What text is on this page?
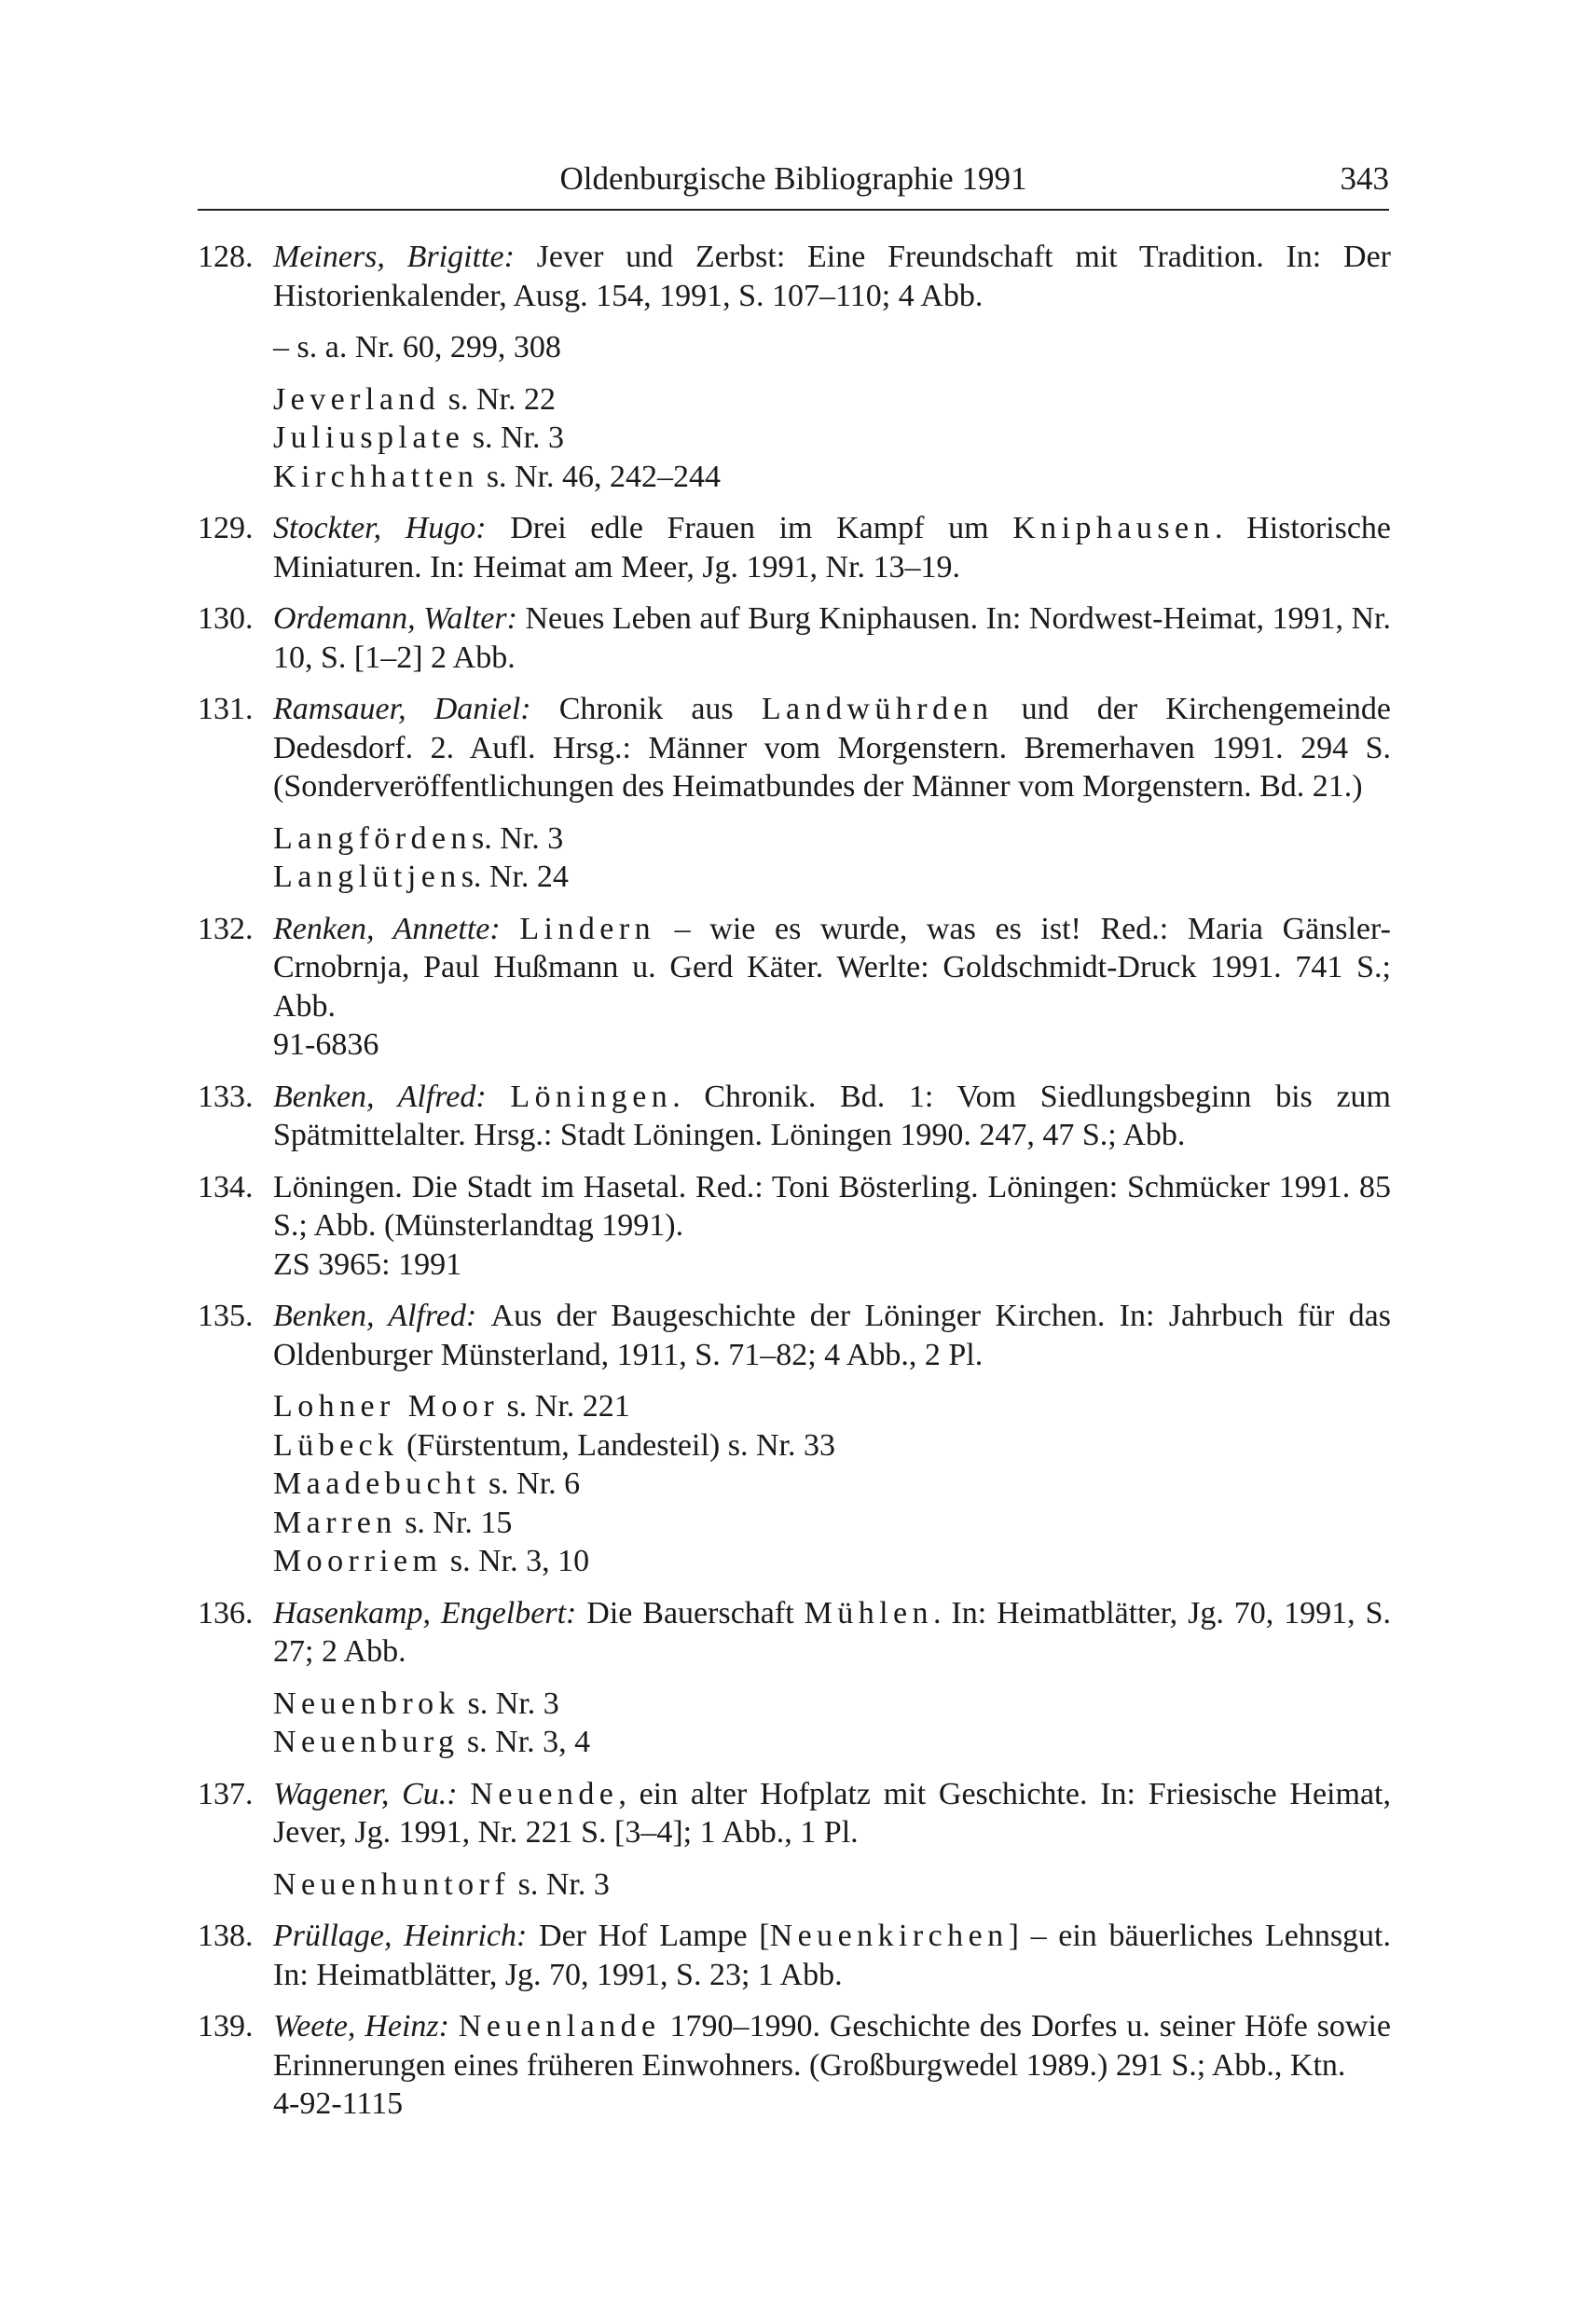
Oldenburgische Bibliographie 1991	343
128. Meiners, Brigitte: Jever und Zerbst: Eine Freundschaft mit Tradition. In: Der Historienkalender, Ausg. 154, 1991, S. 107–110; 4 Abb.
– s. a. Nr. 60, 299, 308
Jeverland s. Nr. 22
Juliusplate s. Nr. 3
Kirchhatten s. Nr. 46, 242–244
129. Stockter, Hugo: Drei edle Frauen im Kampf um Kniphausen. Historische Miniaturen. In: Heimat am Meer, Jg. 1991, Nr. 13–19.
130. Ordemann, Walter: Neues Leben auf Burg Kniphausen. In: Nordwest-Heimat, 1991, Nr. 10, S. [1–2] 2 Abb.
131. Ramsauer, Daniel: Chronik aus Landwührden und der Kirchengemeinde Dedesdorf. 2. Aufl. Hrsg.: Männer vom Morgenstern. Bremerhaven 1991. 294 S. (Sonderveröffentlichungen des Heimatbundes der Männer vom Morgenstern. Bd. 21.)
Langfördens. Nr. 3
Langlütjens. Nr. 24
132. Renken, Annette: Lindern – wie es wurde, was es ist! Red.: Maria Gänsler-Crnobrnja, Paul Hußmann u. Gerd Käter. Werlte: Goldschmidt-Druck 1991. 741 S.; Abb.
91-6836
133. Benken, Alfred: Löningen. Chronik. Bd. 1: Vom Siedlungsbeginn bis zum Spätmittelalter. Hrsg.: Stadt Löningen. Löningen 1990. 247, 47 S.; Abb.
134. Löningen. Die Stadt im Hasetal. Red.: Toni Bösterling. Löningen: Schmücker 1991. 85 S.; Abb. (Münsterlandtag 1991).
ZS 3965: 1991
135. Benken, Alfred: Aus der Baugeschichte der Löninger Kirchen. In: Jahrbuch für das Oldenburger Münsterland, 1911, S. 71–82; 4 Abb., 2 Pl.
Lohner Moor s. Nr. 221
Lübeck (Fürstentum, Landesteil) s. Nr. 33
Maadebucht s. Nr. 6
Marren s. Nr. 15
Moorriem s. Nr. 3, 10
136. Hasenkamp, Engelbert: Die Bauerschaft Mühlen. In: Heimatblätter, Jg. 70, 1991, S. 27; 2 Abb.
Neuenbrok s. Nr. 3
Neuenburg s. Nr. 3, 4
137. Wagener, Cu.: Neuende, ein alter Hofplatz mit Geschichte. In: Friesische Heimat, Jever, Jg. 1991, Nr. 221 S. [3–4]; 1 Abb., 1 Pl.
Neuenhuntorf s. Nr. 3
138. Prüllage, Heinrich: Der Hof Lampe [Neuenkirchen] – ein bäuerliches Lehnsgut. In: Heimatblätter, Jg. 70, 1991, S. 23; 1 Abb.
139. Weete, Heinz: Neuenlande 1790–1990. Geschichte des Dorfes u. seiner Höfe sowie Erinnerungen eines früheren Einwohners. (Großburgwedel 1989.) 291 S.; Abb., Ktn.
4-92-1115
